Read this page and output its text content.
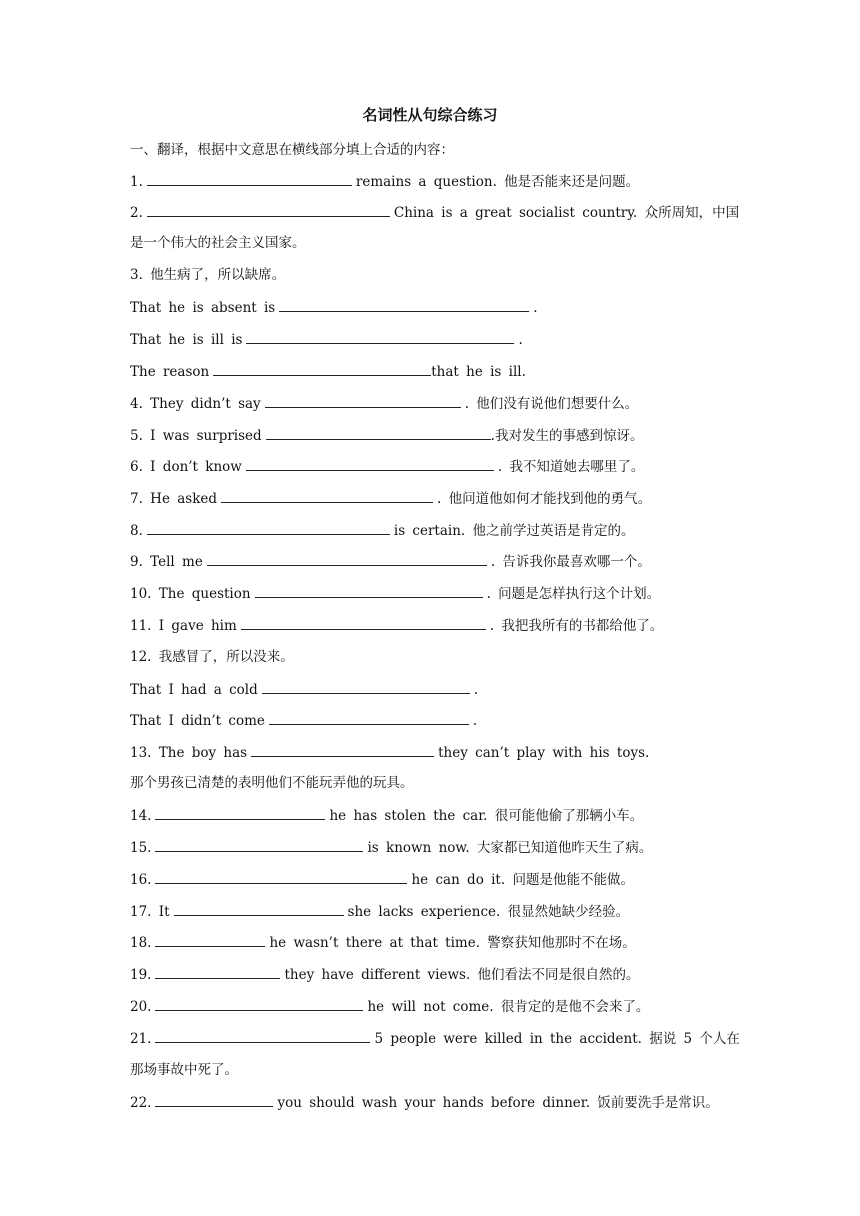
名词性从句综合练习
一、翻译，根据中文意思在横线部分填上合适的内容：
1.	remains a question. 他是否能来还是问题。
2.	China is a great socialist country. 众所周知，中国
是一个伟大的社会主义国家。
3. 他生病了，所以缺席。
That he is absent is	.
That he is ill is	.
The reason	that he is ill.
4. They didn’t say	. 他们没有说他们想要什么。
5. I was surprised	.我对发生的事感到惊讶。
6. I don’t know	. 我不知道她去哪里了。
7. He asked	. 他问道他如何才能找到他的勇气。
8.	is certain. 他之前学过英语是肯定的。
9. Tell me	. 告诉我你最喜欢哪一个。
10. The question	. 问题是怎样执行这个计划。
11. I gave him	. 我把我所有的书都给他了。
12. 我感冒了，所以没来。
That I had a cold	.
That I didn’t come	.
13. The boy has	they can’t play with his toys.
那个男孩已清楚的表明他们不能玩弄他的玩具。
14.	he has stolen the car. 很可能他偷了那辆小车。
15.	is known now. 大家都已知道他昨天生了病。
16.	he can do it. 问题是他能不能做。
17. It	she lacks experience. 很显然她缺少经验。
18.	he wasn’t there at that time. 警察获知他那时不在场。
19.	they have different views. 他们看法不同是很自然的。
20.	he will not come. 很肯定的是他不会来了。
21.	5 people were killed in the accident. 据说 5 个人在
那场事故中死了。
22.	you should wash your hands before dinner. 饭前要洗手是常识。
